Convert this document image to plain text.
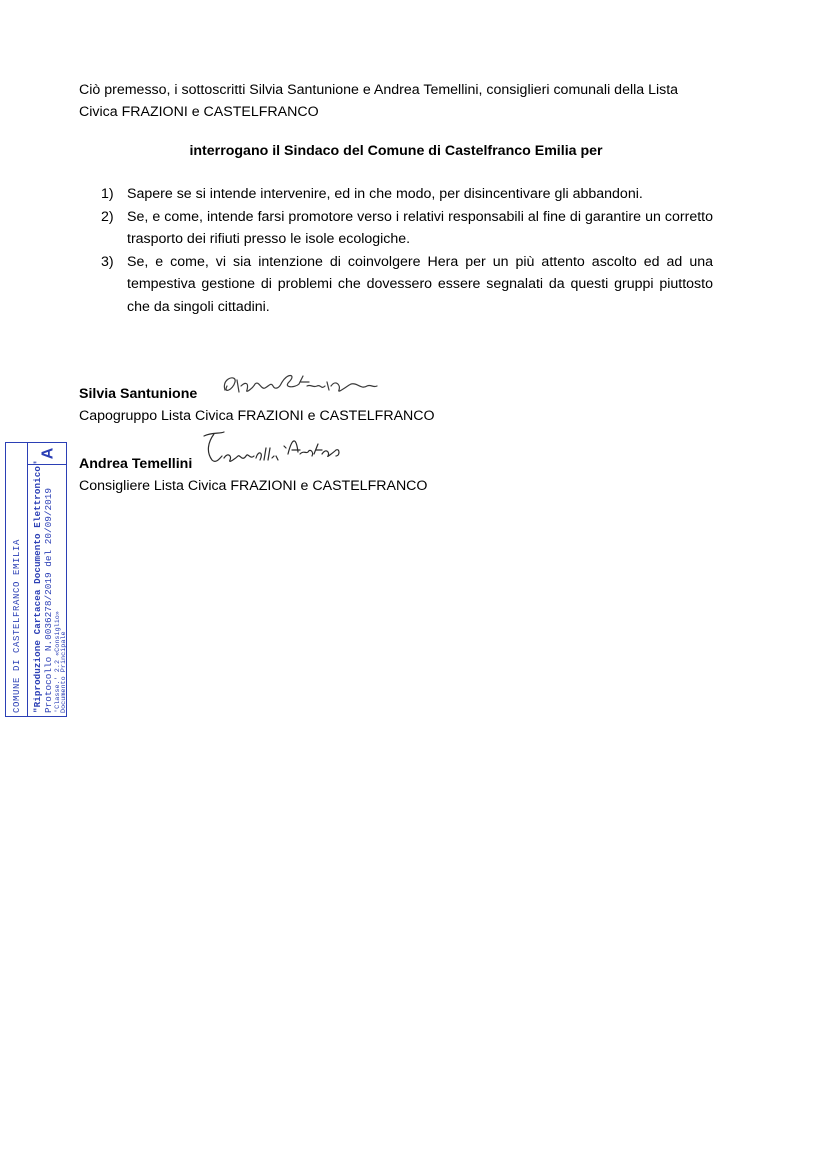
Ciò premesso, i sottoscritti Silvia Santunione e Andrea Temellini, consiglieri comunali della Lista Civica FRAZIONI e CASTELFRANCO

interrogano il Sindaco del Comune di Castelfranco Emilia per

1) Sapere se si intende intervenire, ed in che modo, per disincentivare gli abbandoni.
2) Se, e come, intende farsi promotore verso i relativi responsabili al fine di garantire un corretto trasporto dei rifiuti presso le isole ecologiche.
3) Se, e come, vi sia intenzione di coinvolgere Hera per un più attento ascolto ed ad una tempestiva gestione di problemi che dovessero essere segnalati da questi gruppi piuttosto che da singoli cittadini.

Silvia Santunione

Capogruppo Lista Civica FRAZIONI e CASTELFRANCO

Andrea Temellini

Consigliere Lista Civica FRAZIONI e CASTELFRANCO

A
COMUNE DI CASTELFRANCO EMILIA "Riproduzione Cartacea Documento Elettronico" Protocollo N.0036278/2019 del 20/09/2019 'Classe.' 2.2 «Consiglio»
Documento Principale
